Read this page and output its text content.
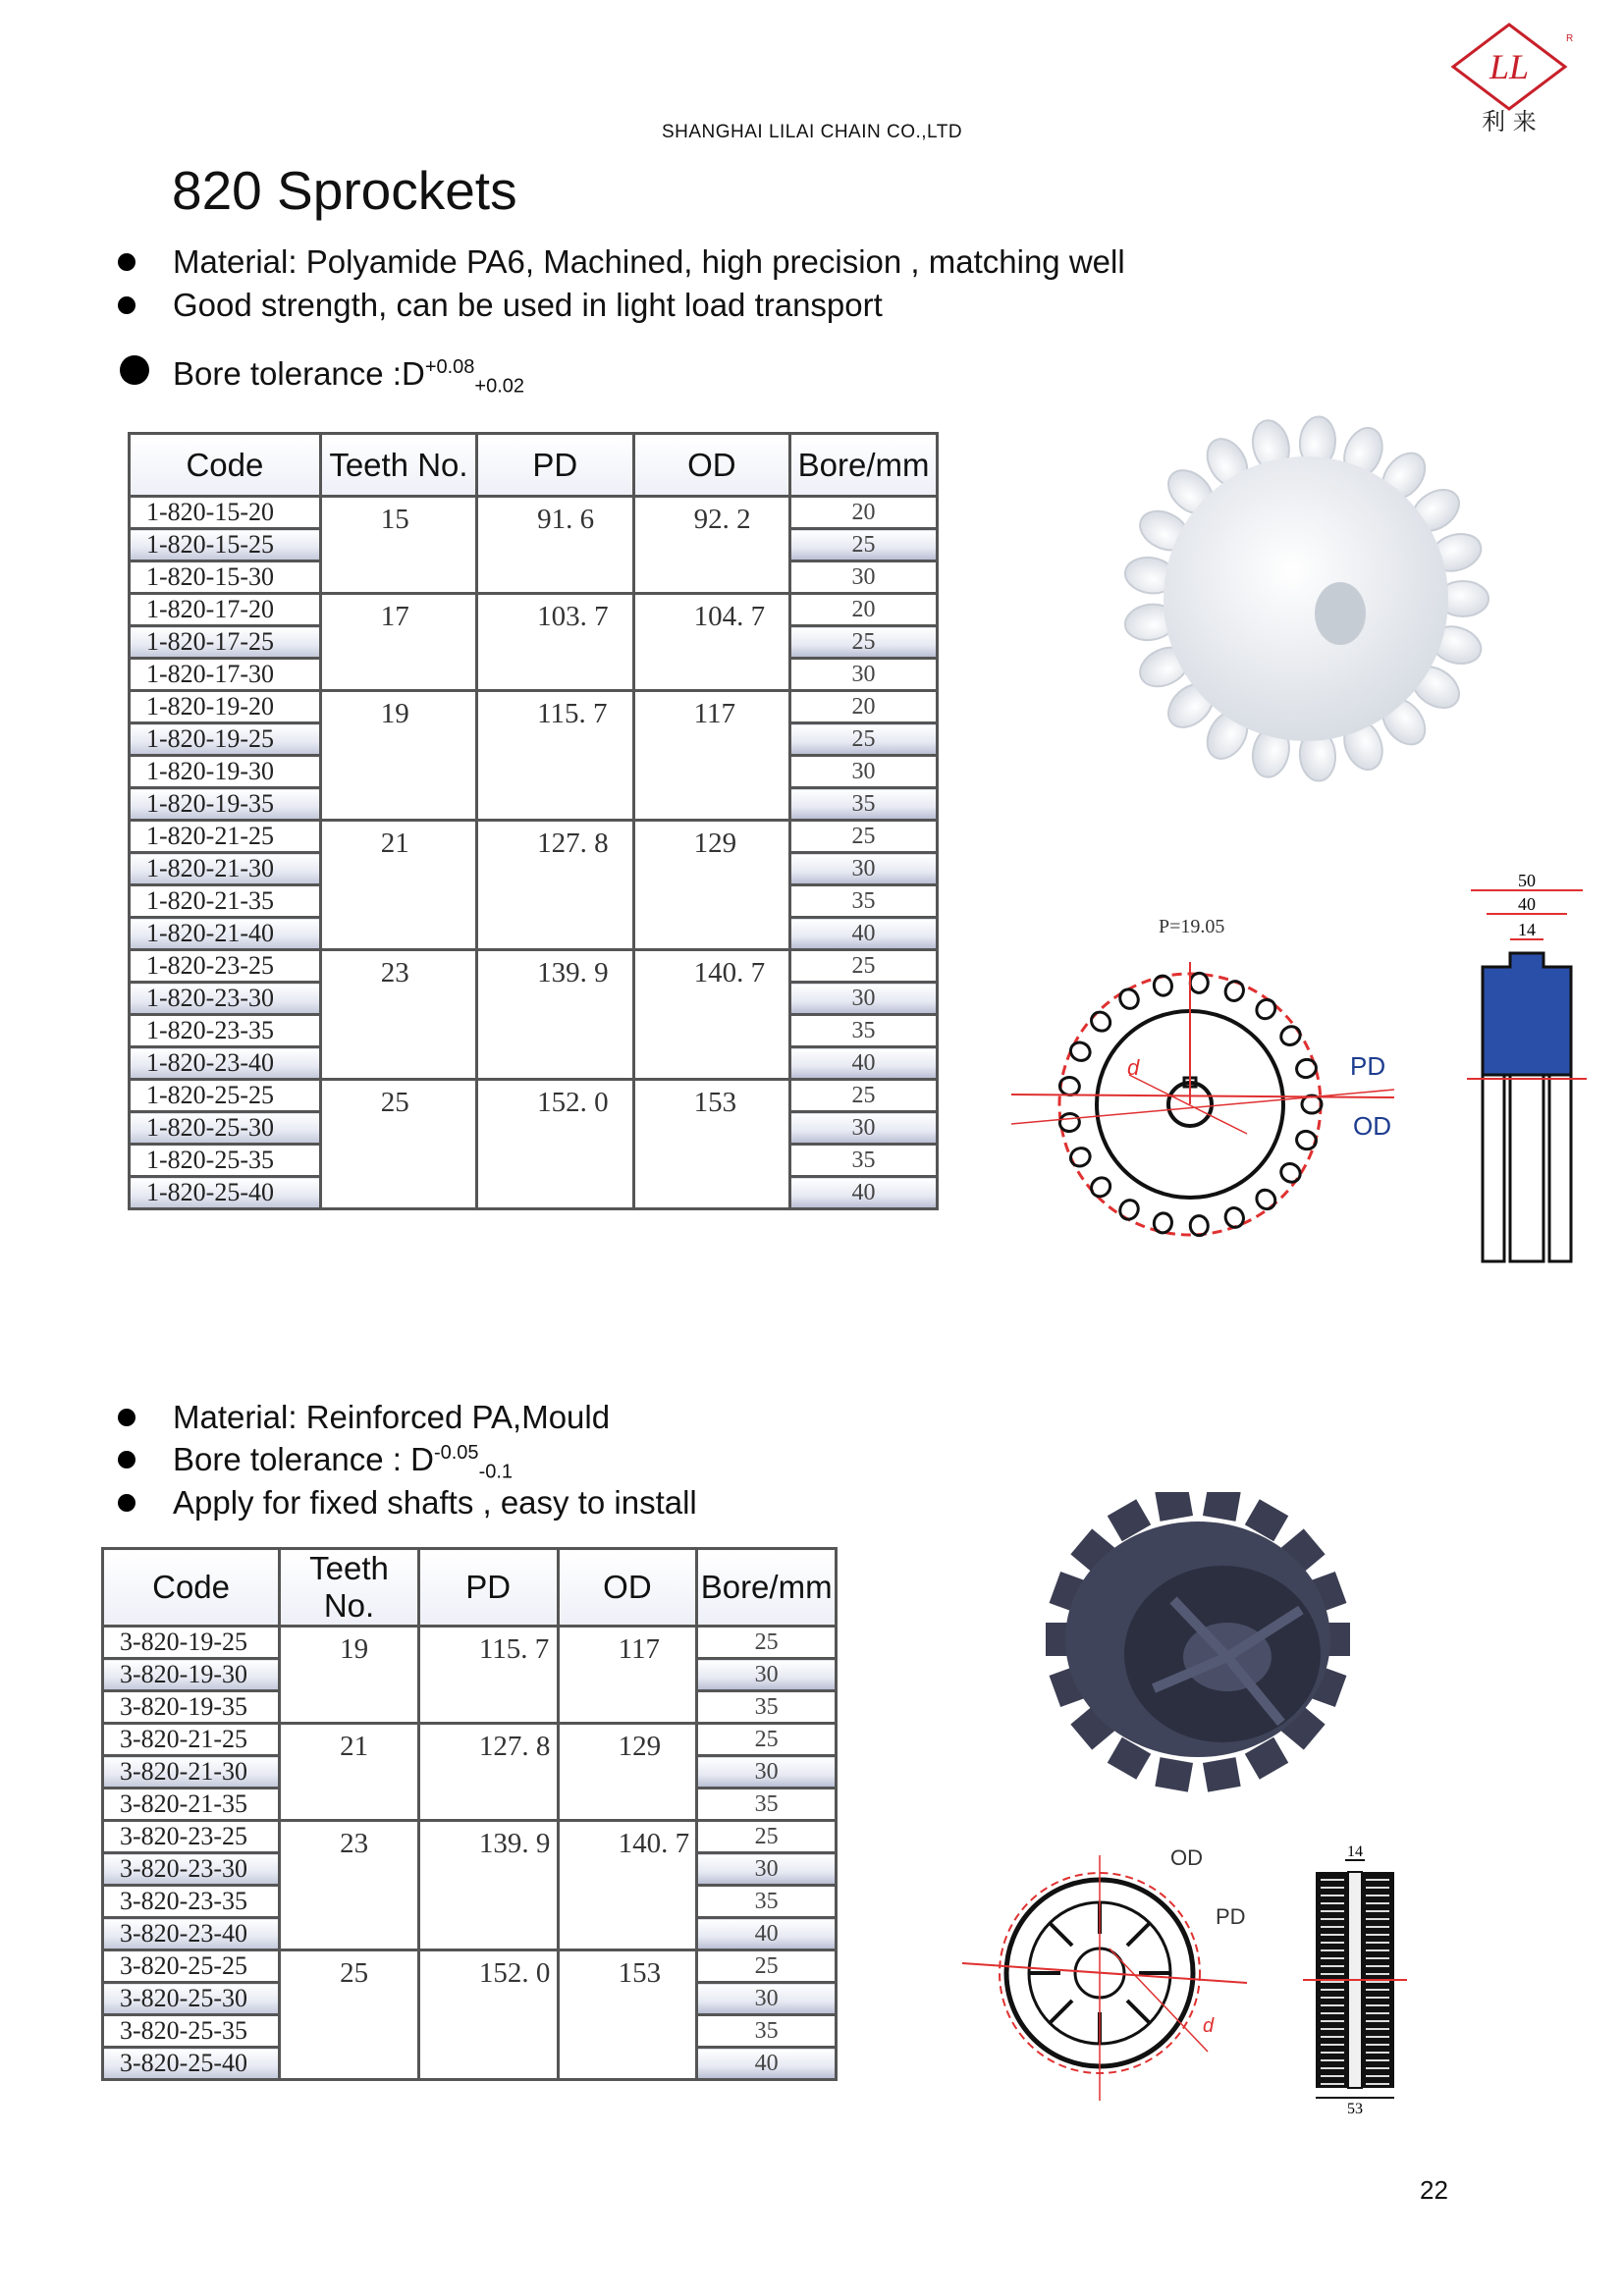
SHANGHAI LILAI CHAIN CO.,LTD
LL
利 来
R
820 Sprockets
Material: Polyamide PA6, Machined, high precision , matching well
Good strength, can be used in light load transport
Bore tolerance $:D^{+0.08}_{+0.02}$
Code	Teeth No.	PD	OD	Bore/mm
1-820-15-20	15	91. 6	92. 2	20
1-820-15-25				25
1-820-15-30				30
1-820-17-20	17	103. 7	104. 7	20
1-820-17-25				25
1-820-17-30				30
1-820-19-20	19	115. 7	117	20
1-820-19-25				25
1-820-19-30				30
1-820-19-35				35
1-820-21-25	21	127. 8	129	25
1-820-21-30				30
1-820-21-35				35
1-820-21-40				40
1-820-23-25	23	139. 9	140. 7	25
1-820-23-30				30
1-820-23-35				35
1-820-23-40				40
1-820-25-25	25	152. 0	153	25
1-820-25-30				30
1-820-25-35				35
1-820-25-40				40
P=19.05
PD
OD
d
50
40
14
Material: Reinforced PA,Mould
Bore tolerance : $D^{-0.05}_{-0.1}$
Apply for fixed shafts , easy to install
Code	Teeth No.	PD	OD	Bore/mm
3-820-19-25	19	115. 7	117	25
3-820-19-30				30
3-820-19-35				35
3-820-21-25	21	127. 8	129	25
3-820-21-30				30
3-820-21-35				35
3-820-23-25	23	139. 9	140. 7	25
3-820-23-30				30
3-820-23-35				35
3-820-23-40				40
3-820-25-25	25	152. 0	153	25
3-820-25-30				30
3-820-25-35				35
3-820-25-40				40
OD
PD
d
14
53
22
